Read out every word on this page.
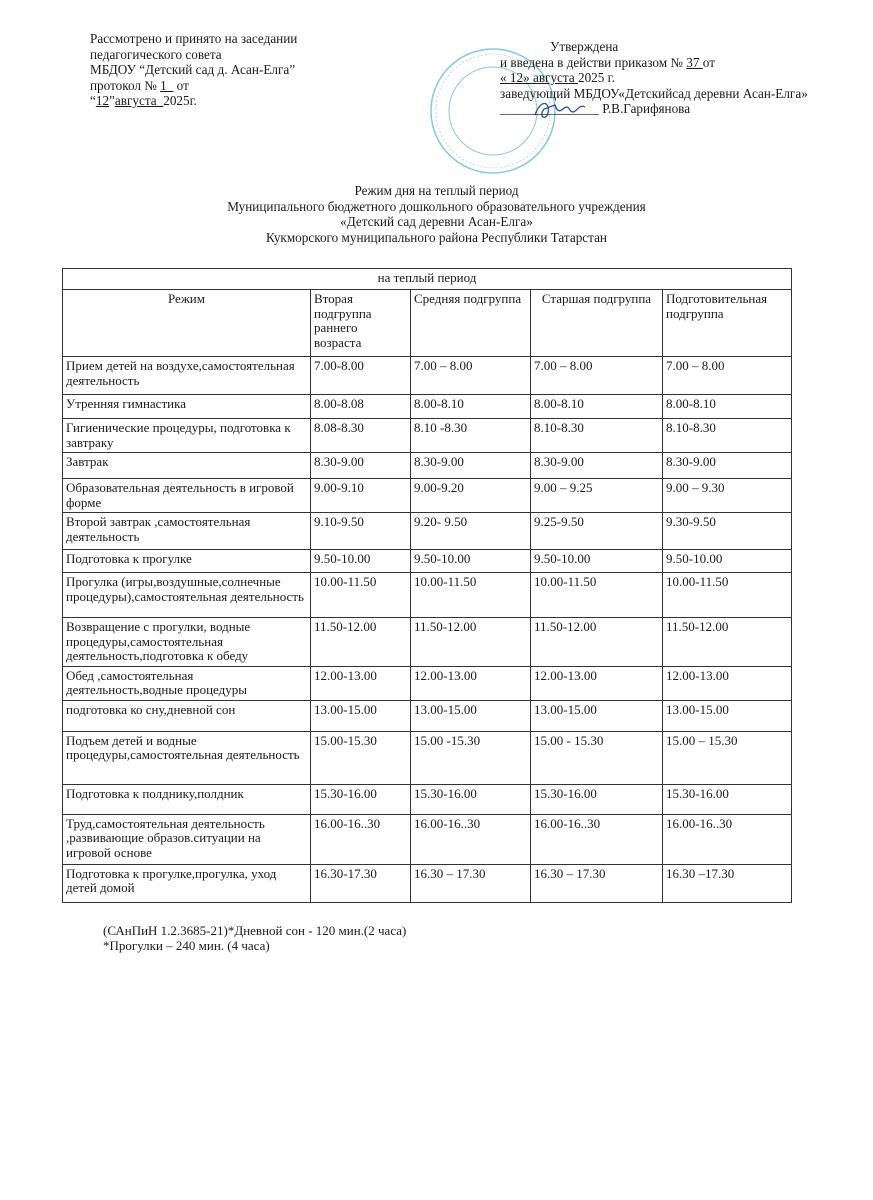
Рассмотрено и принято на заседании
педагогического совета
МБДОУ “Детский сад д. Асан-Елга”
протокол № 1_ от
“12”августа_2025г.
Утверждена
и введена в действи приказом № 37 от
« 12» августа 2025 г.
заведующий МБДОУ«Детскийсад деревни Асан-Елга»
_______________ Р.В.Гарифянова
Режим дня на теплый период
Муниципального бюджетного дошкольного образовательного учреждения
«Детский сад деревни Асан-Елга»
Кукморского муниципального района Республики Татарстан
на теплый период				
Режим	Вторая подгруппа раннего возраста	Средняя подгруппа	Старшая подгруппа	Подготовительная подгруппа
Прием детей на воздухе,самостоятельная деятельность	7.00-8.00	7.00 – 8.00	7.00 – 8.00	7.00 – 8.00
Утренняя гимнастика	8.00-8.08	8.00-8.10	8.00-8.10	8.00-8.10
Гигиенические процедуры, подготовка к завтраку	8.08-8.30	8.10 -8.30	8.10-8.30	8.10-8.30
Завтрак	8.30-9.00	8.30-9.00	8.30-9.00	8.30-9.00
Образовательная деятельность в игровой форме	9.00-9.10	9.00-9.20	9.00 – 9.25	9.00 – 9.30
Второй завтрак ,самостоятельная деятельность	9.10-9.50	9.20- 9.50	9.25-9.50	9.30-9.50
Подготовка к прогулке	9.50-10.00	9.50-10.00	9.50-10.00	9.50-10.00
Прогулка (игры,воздушные,солнечные процедуры),самостоятельная деятельность	10.00-11.50	10.00-11.50	10.00-11.50	10.00-11.50
Возвращение с прогулки, водные процедуры,самостоятельная деятельность,подготовка к обеду	11.50-12.00	11.50-12.00	11.50-12.00	11.50-12.00
Обед ,самостоятельная деятельность,водные процедуры	12.00-13.00	12.00-13.00	12.00-13.00	12.00-13.00
подготовка ко сну,дневной сон	13.00-15.00	13.00-15.00	13.00-15.00	13.00-15.00
Подъем детей и водные процедуры,самостоятельная деятельность	15.00-15.30	15.00 -15.30	15.00 - 15.30	15.00 – 15.30
Подготовка к полднику,полдник	15.30-16.00	15.30-16.00	15.30-16.00	15.30-16.00
Труд,самостоятельная деятельность ,развивающие образов.ситуации на игровой основе	16.00-16..30	16.00-16..30	16.00-16..30	16.00-16..30
Подготовка к прогулке,прогулка, уход детей домой	16.30-17.30	16.30 – 17.30	16.30 – 17.30	16.30 –17.30
(САнПиН 1.2.3685-21)*Дневной сон - 120 мин.(2 часа)
*Прогулки – 240 мин. (4 часа)
